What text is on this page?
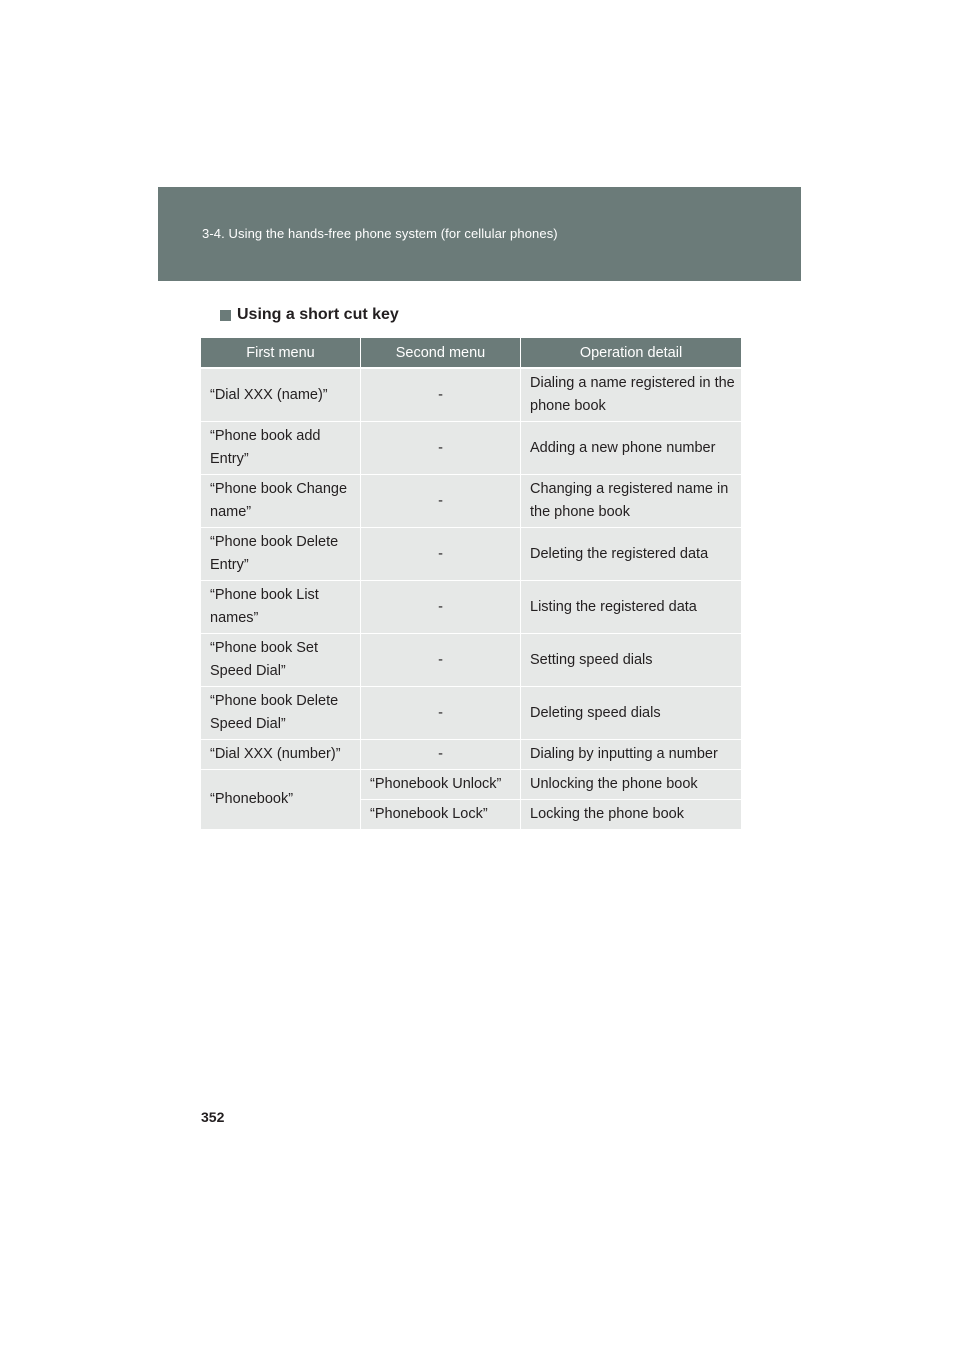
3-4. Using the hands-free phone system (for cellular phones)
Using a short cut key
First menu	Second menu	Operation detail
“Dial XXX (name)”	-	Dialing a name registered in the phone book
“Phone book add Entry”	-	Adding a new phone number
“Phone book Change name”	-	Changing a registered name in the phone book
“Phone book Delete Entry”	-	Deleting the registered data
“Phone book List names”	-	Listing the registered data
“Phone book Set Speed Dial”	-	Setting speed dials
“Phone book Delete Speed Dial”	-	Deleting speed dials
“Dial XXX (number)”	-	Dialing by inputting a number
“Phonebook”	“Phonebook Unlock”	Unlocking the phone book
	“Phonebook Lock”	Locking the phone book
352
